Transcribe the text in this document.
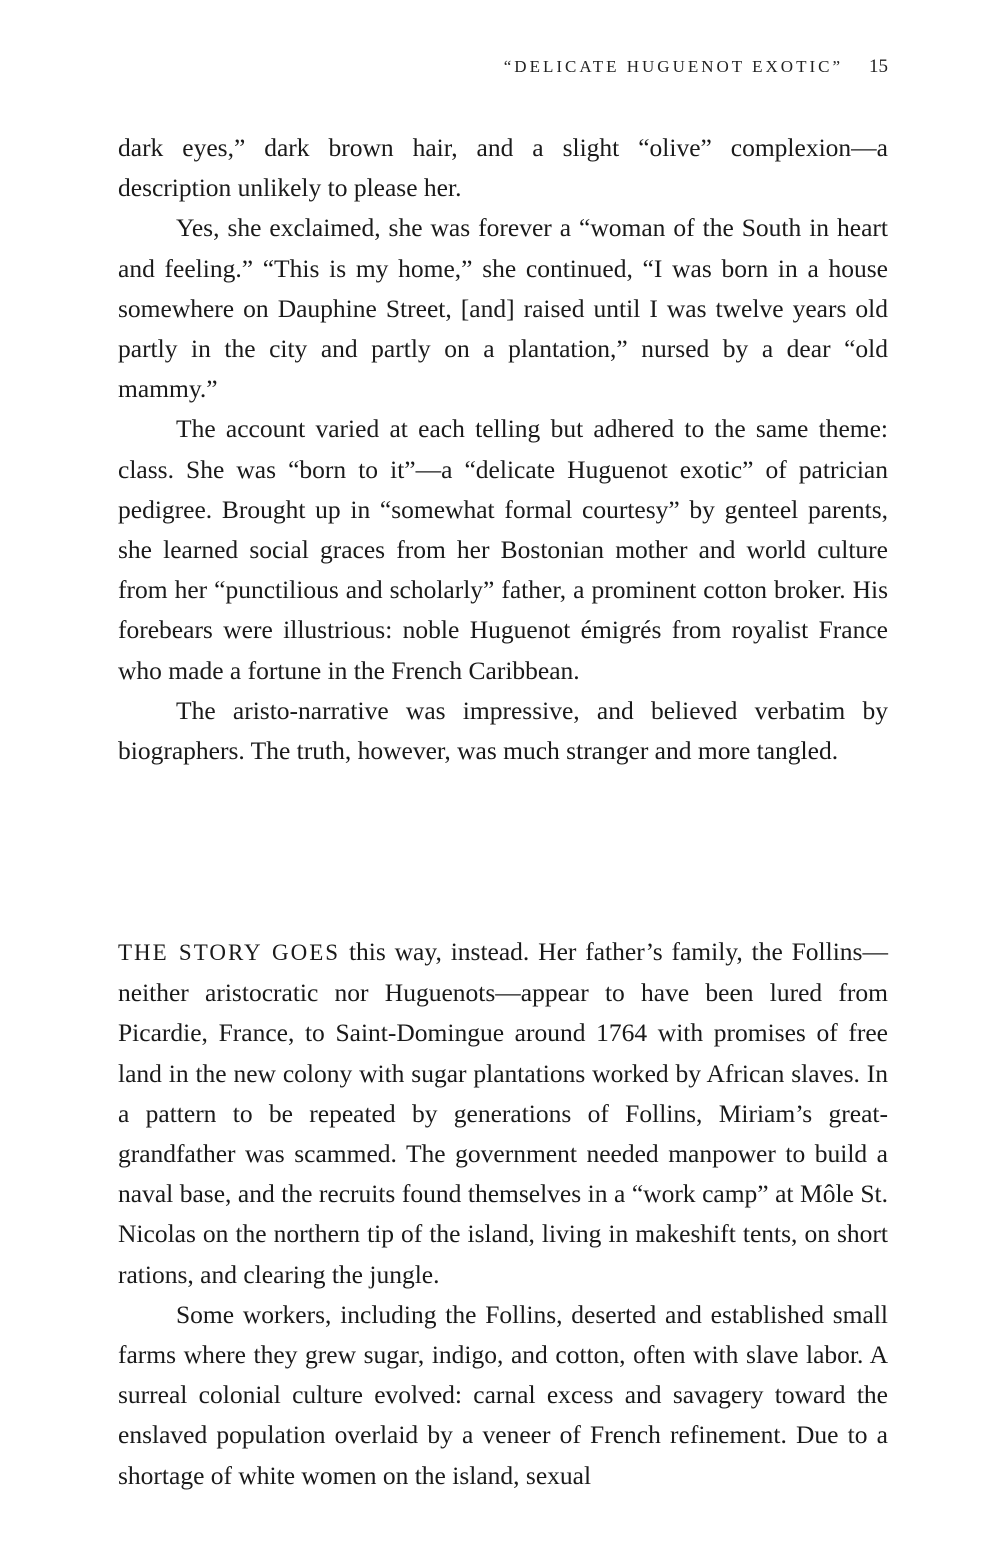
“DELICATE HUGUENOT EXOTIC” 15

dark eyes,” dark brown hair, and a slight “olive” complexion—a description unlikely to please her.

Yes, she exclaimed, she was forever a “woman of the South in heart and feeling.” “This is my home,” she continued, “I was born in a house somewhere on Dauphine Street, [and] raised until I was twelve years old partly in the city and partly on a plantation,” nursed by a dear “old mammy.”

The account varied at each telling but adhered to the same theme: class. She was “born to it”—a “delicate Huguenot exotic” of patrician pedigree. Brought up in “somewhat formal courtesy” by genteel parents, she learned social graces from her Bostonian mother and world culture from her “punctilious and scholarly” father, a prominent cotton broker. His forebears were illustrious: noble Huguenot émigrés from royalist France who made a fortune in the French Caribbean.

The aristo-narrative was impressive, and believed verbatim by biographers. The truth, however, was much stranger and more tangled.

THE STORY GOES this way, instead. Her father’s family, the Follins—neither aristocratic nor Huguenots—appear to have been lured from Picardie, France, to Saint-Domingue around 1764 with promises of free land in the new colony with sugar plantations worked by African slaves. In a pattern to be repeated by generations of Follins, Miriam’s great-grandfather was scammed. The government needed manpower to build a naval base, and the recruits found themselves in a “work camp” at Môle St. Nicolas on the northern tip of the island, living in makeshift tents, on short rations, and clearing the jungle.

Some workers, including the Follins, deserted and established small farms where they grew sugar, indigo, and cotton, often with slave labor. A surreal colonial culture evolved: carnal excess and savagery toward the enslaved population overlaid by a veneer of French refinement. Due to a shortage of white women on the island, sexual
